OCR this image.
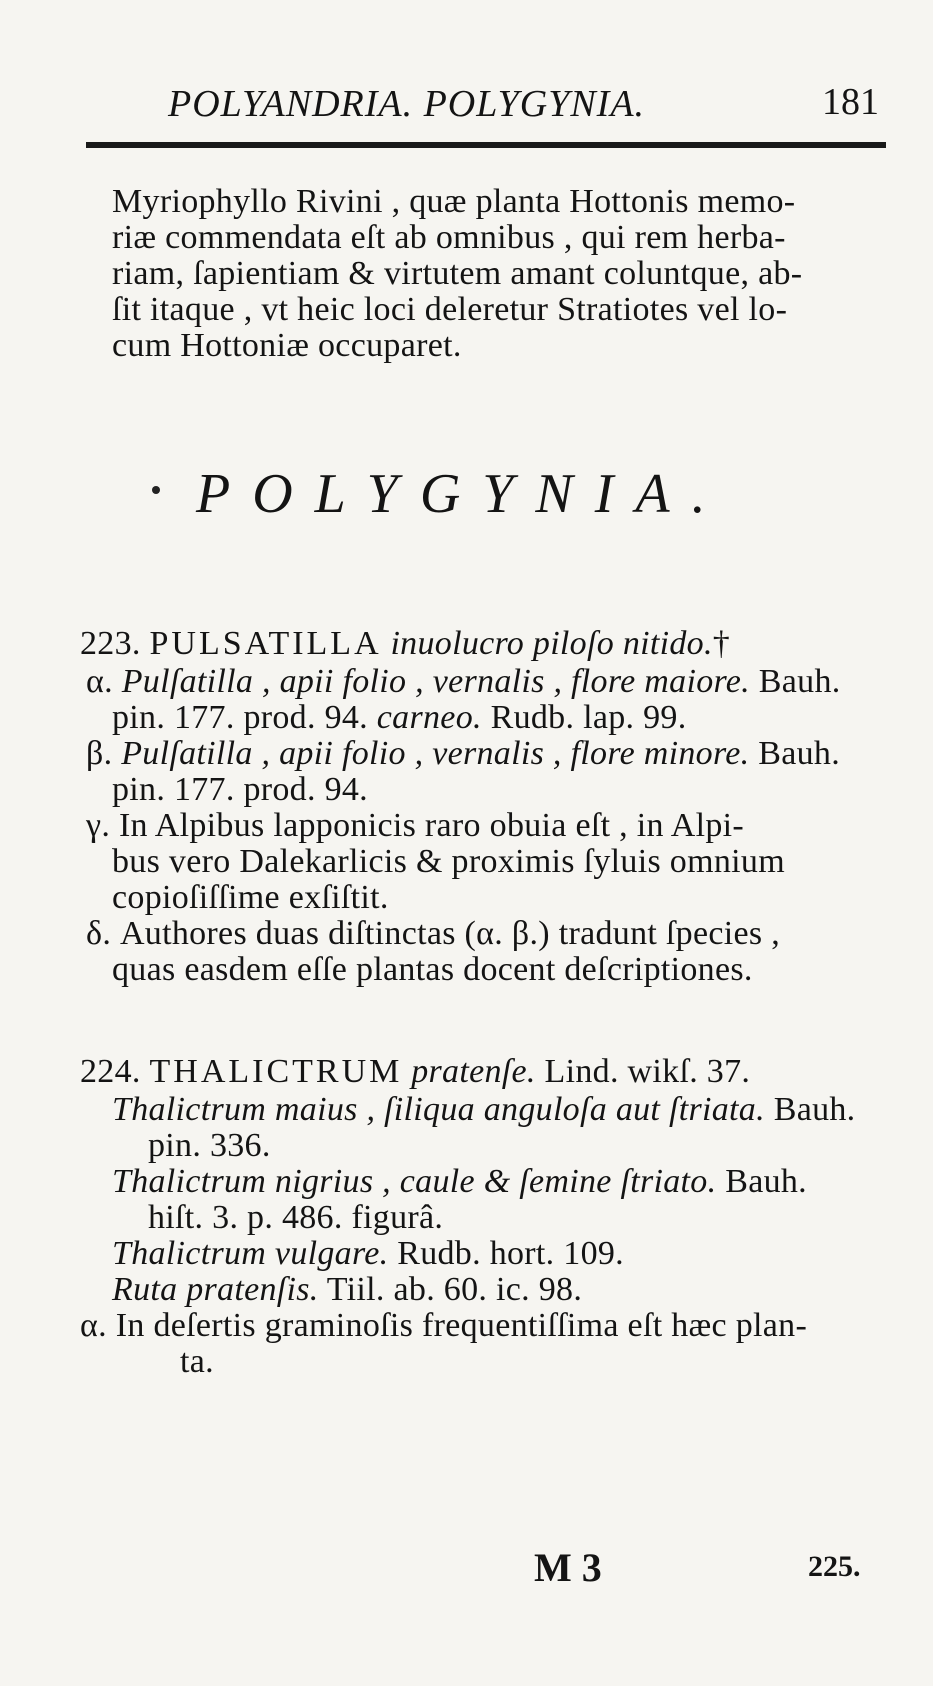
POLYANDRIA. POLYGYNIA.	181
Myriophyllo Rivini , quæ planta Hottonis memo-
riæ commendata eſt ab omnibus , qui rem herba-
riam, ſapientiam & virtutem amant coluntque, ab-
ſit itaque , vt heic loci deleretur Stratiotes vel lo-
cum Hottoniæ occuparet.
POLYGYNIA.
223. PULSATILLA inuolucro piloſo nitido.†
α. Pulſatilla , apii folio , vernalis , flore maiore. Bauh.
pin. 177. prod. 94. carneo. Rudb. lap. 99.
β. Pulſatilla , apii folio , vernalis , flore minore. Bauh.
pin. 177. prod. 94.
γ. In Alpibus lapponicis raro obuia eſt , in Alpi-
bus vero Dalekarlicis & proximis ſyluis omnium
copioſiſſime exſiſtit.
δ. Authores duas diſtinctas (α. β.) tradunt ſpecies ,
quas easdem eſſe plantas docent deſcriptiones.
224. THALICTRUM pratenſe. Lind. wikſ. 37.
Thalictrum maius , ſiliqua anguloſa aut ſtriata. Bauh.
pin. 336.
Thalictrum nigrius , caule & ſemine ſtriato. Bauh.
hiſt. 3. p. 486. figurâ.
Thalictrum vulgare. Rudb. hort. 109.
Ruta pratenſis. Tiil. ab. 60. ic. 98.
α. In deſertis graminoſis frequentiſſima eſt hæc plan-
ta.
M 3	225.
